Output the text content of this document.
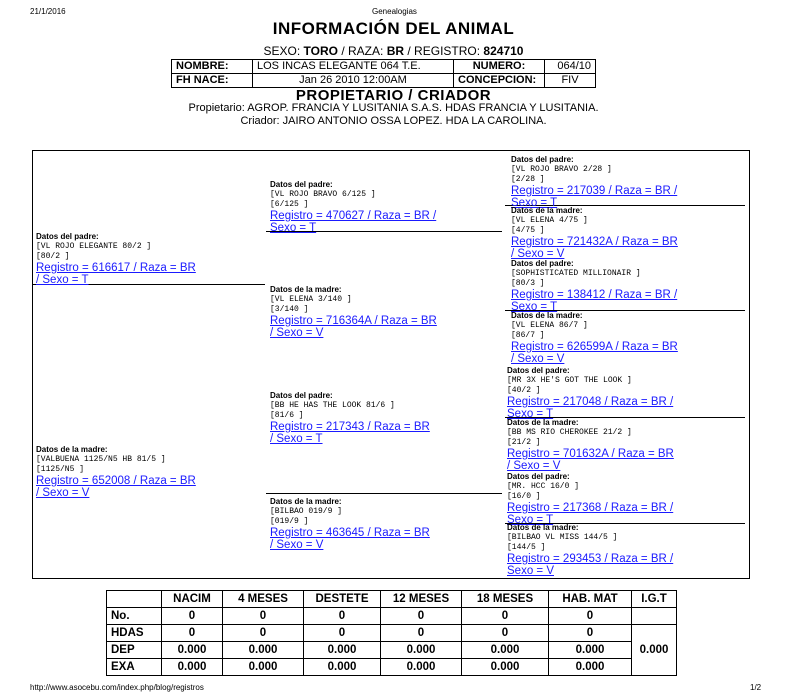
21/1/2016	Genealogias
INFORMACIÓN DEL ANIMAL
SEXO: TORO / RAZA: BR / REGISTRO: 824710
NOMBRE:	LOS INCAS ELEGANTE 064 T.E.	NUMERO:	064/10
FH NACE:	Jan 26 2010 12:00AM	CONCEPCION:	FIV
PROPIETARIO / CRIADOR
Propietario: AGROP. FRANCIA Y LUSITANIA S.A.S. HDAS FRANCIA Y LUSITANIA.
Criador: JAIRO ANTONIO OSSA LOPEZ. HDA LA CAROLINA.
Datos del padre:
[VL ROJO ELEGANTE 80/2 ]
[80/2 ]
Registro = 616617 / Raza = BR
/ Sexo = T
Datos de la madre:
[VALBUENA 1125/N5 HB 81/5 ]
[1125/N5 ]
Registro = 652008 / Raza = BR
/ Sexo = V
Datos del padre:
[VL ROJO BRAVO 6/125 ]
[6/125 ]
Registro = 470627 / Raza = BR /
Sexo = T
Datos de la madre:
[VL ELENA 3/140 ]
[3/140 ]
Registro = 716364A / Raza = BR
/ Sexo = V
Datos del padre:
[BB HE HAS THE LOOK 81/6 ]
[81/6 ]
Registro = 217343 / Raza = BR
/ Sexo = T
Datos de la madre:
[BILBAO 019/9 ]
[019/9 ]
Registro = 463645 / Raza = BR
/ Sexo = V
Datos del padre:
[VL ROJO BRAVO 2/28 ]
[2/28 ]
Registro = 217039 / Raza = BR /
Sexo = T
Datos de la madre:
[VL ELENA 4/75 ]
[4/75 ]
Registro = 721432A / Raza = BR
/ Sexo = V
Datos del padre:
[SOPHISTICATED MILLIONAIR ]
[80/3 ]
Registro = 138412 / Raza = BR /
Sexo = T
Datos de la madre:
[VL ELENA 86/7 ]
[86/7 ]
Registro = 626599A / Raza = BR
/ Sexo = V
Datos del padre:
[MR 3X HE'S GOT THE LOOK ]
[40/2 ]
Registro = 217048 / Raza = BR /
Sexo = T
Datos de la madre:
[BB MS RIO CHEROKEE 21/2 ]
[21/2 ]
Registro = 701632A / Raza = BR
/ Sexo = V
Datos del padre:
[MR. HCC 16/0 ]
[16/0 ]
Registro = 217368 / Raza = BR /
Sexo = T
Datos de la madre:
[BILBAO VL MISS 144/5 ]
[144/5 ]
Registro = 293453 / Raza = BR /
Sexo = V
	NACIM	4 MESES	DESTETE	12 MESES	18 MESES	HAB. MAT	I.G.T
No.	0	0	0	0	0	0	
HDAS	0	0	0	0	0	0	0.000
DEP	0.000	0.000	0.000	0.000	0.000	0.000	
EXA	0.000	0.000	0.000	0.000	0.000	0.000	
http://www.asocebu.com/index.php/blog/registros	1/2
